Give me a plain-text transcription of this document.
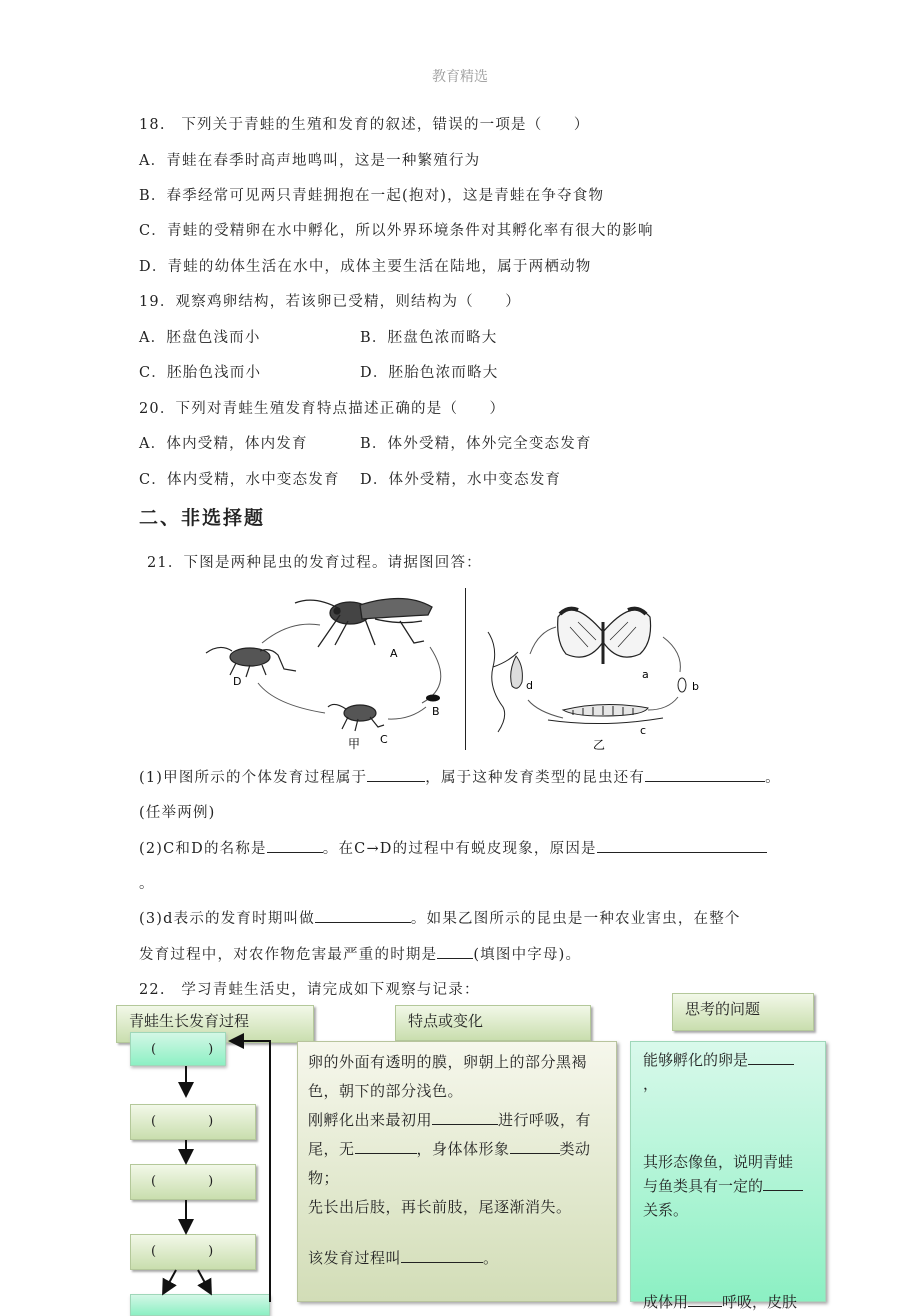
教育精选
18.　下列关于青蛙的生殖和发育的叙述，错误的一项是（　　）
A．青蛙在春季时高声地鸣叫，这是一种繁殖行为
B．春季经常可见两只青蛙拥抱在一起(抱对)，这是青蛙在争夺食物
C．青蛙的受精卵在水中孵化，所以外界环境条件对其孵化率有很大的影响
D．青蛙的幼体生活在水中，成体主要生活在陆地，属于两栖动物
19．观察鸡卵结构，若该卵已受精，则结构为（　　）
A．胚盘色浅而小	B．胚盘色浓而略大
C．胚胎色浅而小	D．胚胎色浓而略大
20．下列对青蛙生殖发育特点描述正确的是（　　）
A．体内受精，体内发育	B．体外受精，体外完全变态发育
C．体内受精，水中变态发育 D．体外受精，水中变态发育
二、非选择题
21．下图是两种昆虫的发育过程。请据图回答：
A
B
C
甲
D
a
b
c
乙
d
(1)甲图所示的个体发育过程属于	，属于这种发育类型的昆虫还有	。
(任举两例)
(2)C和D的名称是	。在C→D的过程中有蜕皮现象，原因是
。
(3)d表示的发育时期叫做	。如果乙图所示的昆虫是一种农业害虫，在整个
发育过程中，对农作物危害最严重的时期是 (填图中字母)。
22.　学习青蛙生活史，请完成如下观察与记录：
青蛙生长发育过程	特点或变化
思考的问题
(　　　　)
(　　　　)
(　　　　)
(　　　　)
卵的外面有透明的膜，卵朝上的部分黑褐
色，朝下的部分浅色。
刚孵化出来最初用	进行呼吸，有
尾，无	，身体体形象	类动
物；
先长出后肢，再长前肢，尾逐渐消失。
该发育过程叫	。
能够孵化的卵是
，
其形态像鱼，说明青蛙
与鱼类具有一定的
关系。
成体用 呼吸，皮肤
